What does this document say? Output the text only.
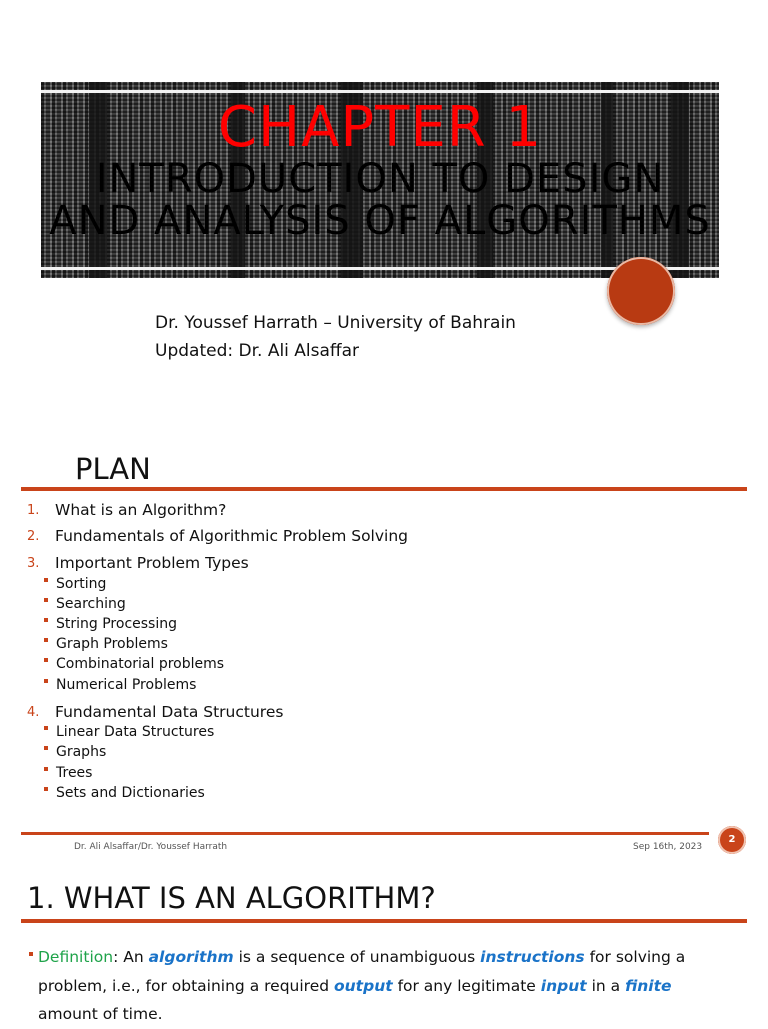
CHAPTER 1
INTRODUCTION TO DESIGN
AND ANALYSIS OF ALGORITHMS
Dr. Youssef Harrath – University of Bahrain
Updated: Dr. Ali Alsaffar
PLAN
1. What is an Algorithm?
2. Fundamentals of Algorithmic Problem Solving
3. Important Problem Types
Sorting
Searching
String Processing
Graph Problems
Combinatorial problems
Numerical Problems
4. Fundamental Data Structures
Linear Data Structures
Graphs
Trees
Sets and Dictionaries
Dr. Ali Alsaffar/Dr. Youssef Harrath	Sep 16th, 2023
2
1. WHAT IS AN ALGORITHM?
Definition: An algorithm is a sequence of unambiguous instructions for solving a problem, i.e., for obtaining a required output for any legitimate input in a finite amount of time.
